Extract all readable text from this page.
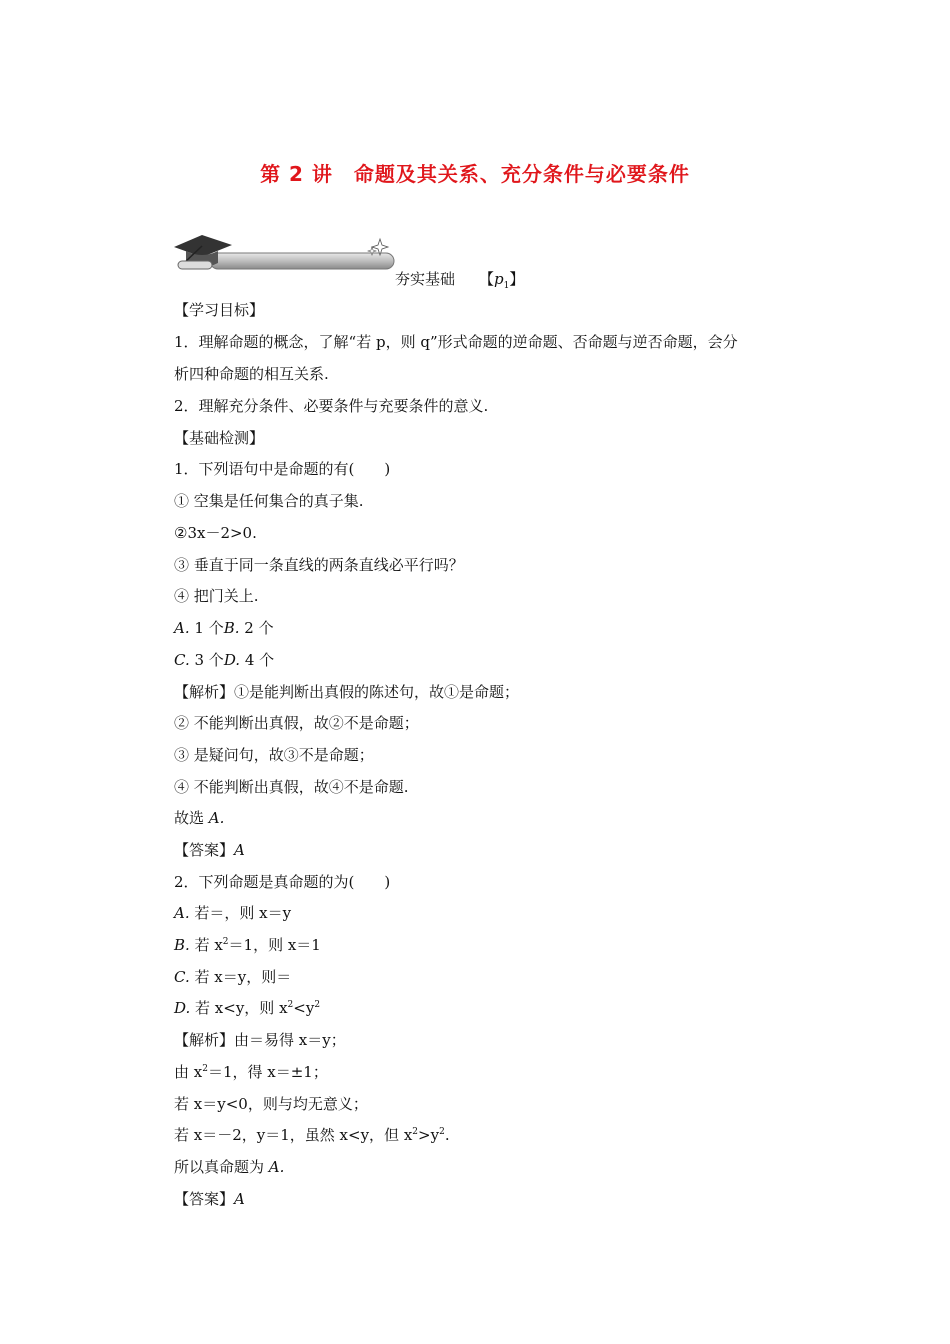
第 2 讲　命题及其关系、充分条件与必要条件
夯实基础 【$p_1$】
【学习目标】
1．理解命题的概念，了解“若 p，则 q”形式命题的逆命题、否命题与逆否命题，会分
析四种命题的相互关系.
2．理解充分条件、必要条件与充要条件的意义.
【基础检测】
1．下列语句中是命题的有(　　)
① 空集是任何集合的真子集.
②3x－2>0.
③ 垂直于同一条直线的两条直线必平行吗？
④ 把门关上.
A. 1 个B. 2 个
C. 3 个D. 4 个
【解析】①是能判断出真假的陈述句，故①是命题；
② 不能判断出真假，故②不是命题；
③ 是疑问句，故③不是命题；
④ 不能判断出真假，故④不是命题.
故选 A.
【答案】A
2．下列命题是真命题的为(　　)
A. 若＝，则 x＝y
B. 若 $x^2=1$，则 x＝1
C. 若 x＝y，则＝
D. 若 x<y，则 $x^2<y^2$
【解析】由＝易得 x＝y；
由 $x^2=1$，得 x＝±1；
若 x＝y<0，则与均无意义；
若 x＝－2，y＝1，虽然 x<y，但 $x^2>y^2$.
所以真命题为 A.
【答案】A
